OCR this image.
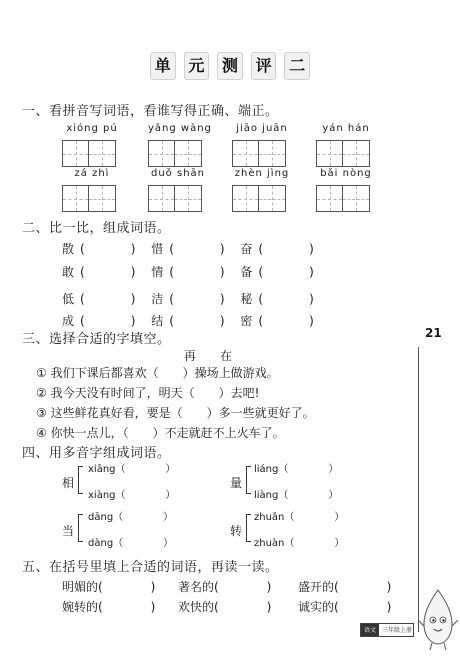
单 元 测 评 二
一、看拼音写词语，看谁写得正确、端正。
xióng pú	yǎng wàng	jiāo juān	yán hán
zá zhì	duǒ shān	zhèn jìng	bǎi nòng
二、比一比，组成词语。
散 (	) 惜 (	) 奋 (	)
敢 (	) 情 (	) 备 (	)
低 (	) 洁 (	) 秘 (	)
成 (	) 结 (	) 密 (	)
三、选择合适的字填空。
再　　在
① 我们下课后都喜欢（　　）操场上做游戏。
② 我今天没有时间了，明天（　　）去吧!
③ 这些鲜花真好看，要是（　　）多一些就更好了。
④ 你快一点儿，（　　）不走就赶不上火车了。
四、用多音字组成词语。
相
xiāng（　　　　）
xiàng（　　　　）
量
liáng（　　　　）
liàng（　　　　）
当
dāng（　　　　）
dàng（　　　　）
转
zhuǎn（　　　　）
zhuàn（　　　　）
五、在括号里填上合适的词语，再读一读。
明媚的(　　　　) 著名的(　　　　) 盛开的(　　　　)
婉转的(　　　　) 欢快的(　　　　) 诚实的(　　　　)
21
语文	三年级上册
